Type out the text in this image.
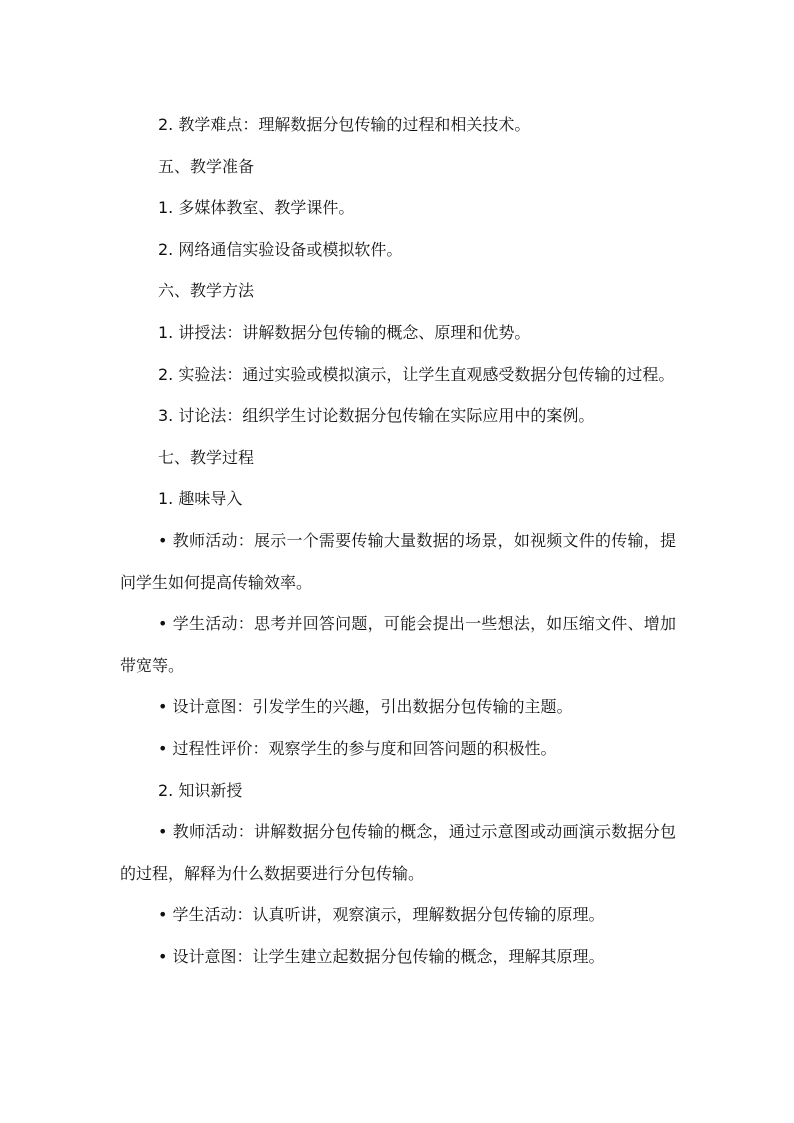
2. 教学难点：理解数据分包传输的过程和相关技术。

五、教学准备

1. 多媒体教室、教学课件。

2. 网络通信实验设备或模拟软件。

六、教学方法

1. 讲授法：讲解数据分包传输的概念、原理和优势。

2. 实验法：通过实验或模拟演示，让学生直观感受数据分包传输的过程。

3. 讨论法：组织学生讨论数据分包传输在实际应用中的案例。

七、教学过程

1. 趣味导入

• 教师活动：展示一个需要传输大量数据的场景，如视频文件的传输，提问学生如何提高传输效率。

• 学生活动：思考并回答问题，可能会提出一些想法，如压缩文件、增加带宽等。

• 设计意图：引发学生的兴趣，引出数据分包传输的主题。

• 过程性评价：观察学生的参与度和回答问题的积极性。

2. 知识新授

• 教师活动：讲解数据分包传输的概念，通过示意图或动画演示数据分包的过程，解释为什么数据要进行分包传输。

• 学生活动：认真听讲，观察演示，理解数据分包传输的原理。

• 设计意图：让学生建立起数据分包传输的概念，理解其原理。
